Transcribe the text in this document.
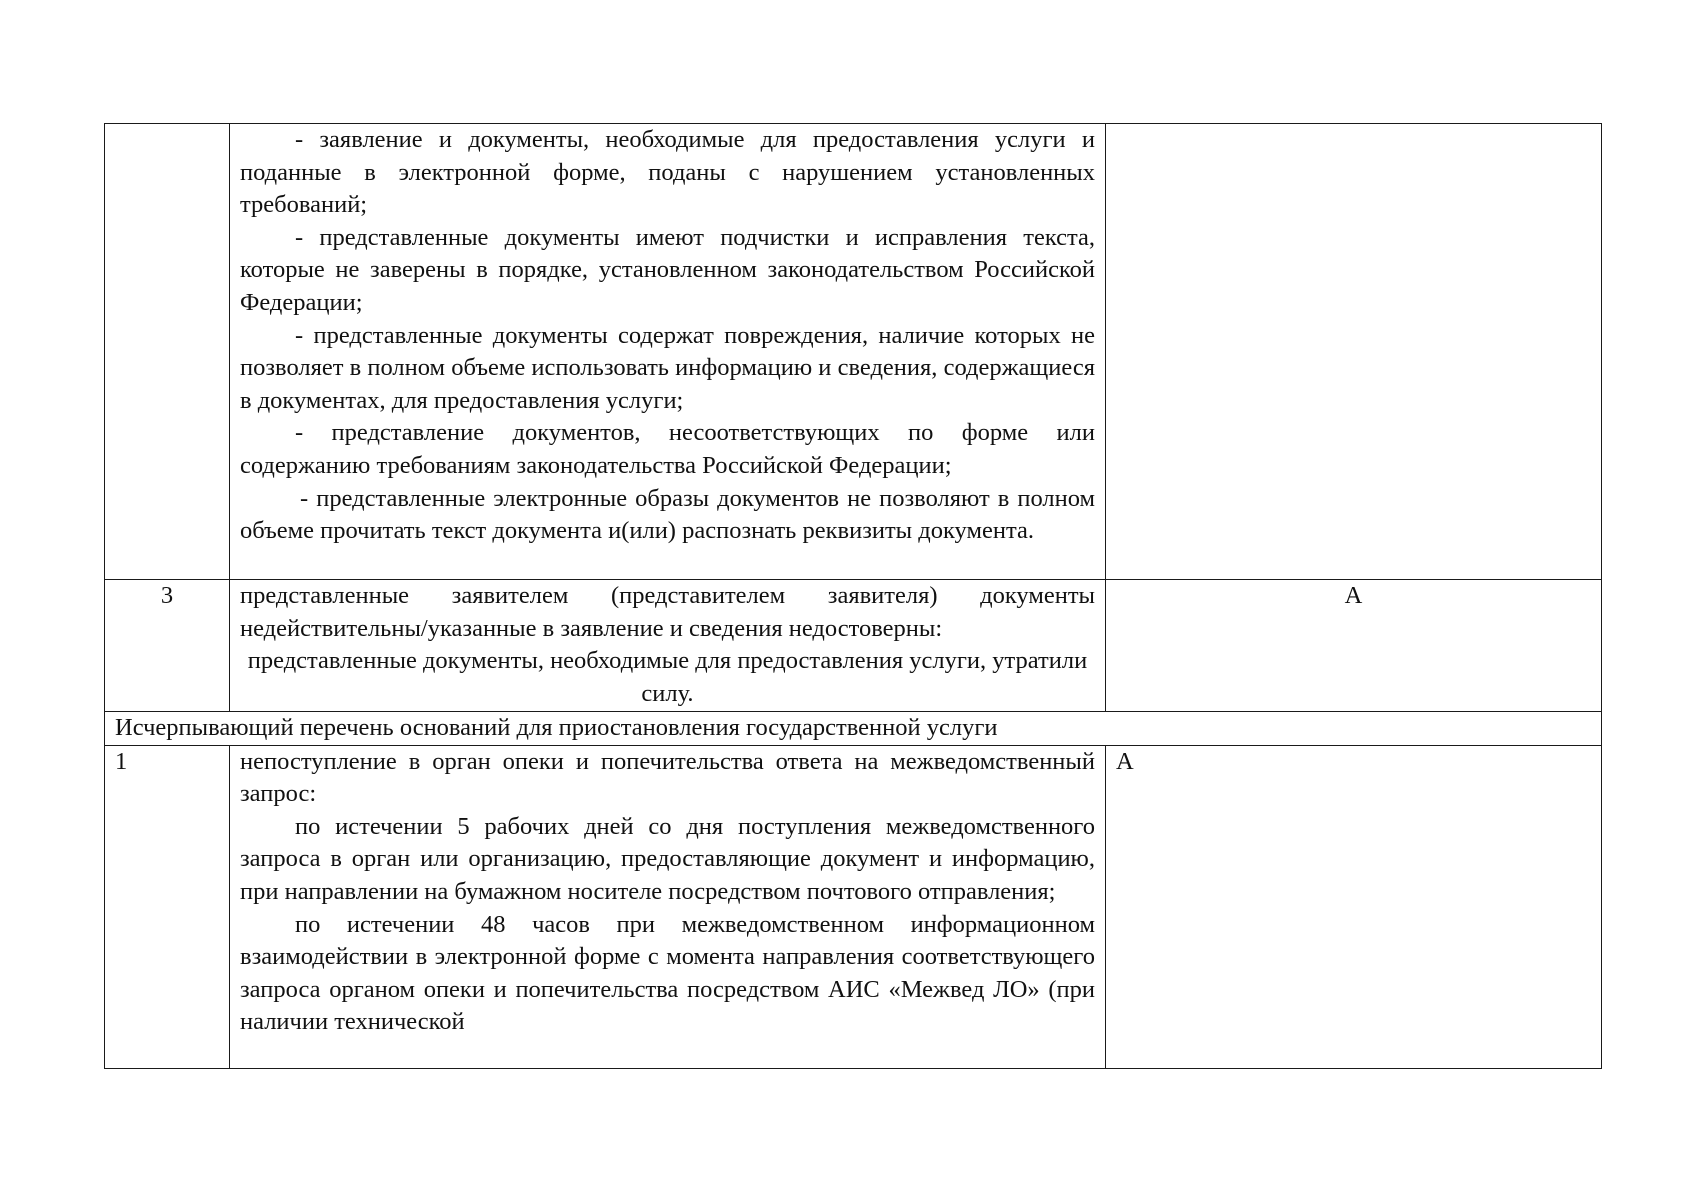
	- заявление и документы, необходимые для предоставления услуги и поданные в электронной форме, поданы с нарушением установленных требований;

- представленные документы имеют подчистки и исправления текста, которые не заверены в порядке, установленном законодательством Российской Федерации;

- представленные документы содержат повреждения, наличие которых не позволяет в полном объеме использовать информацию и сведения, содержащиеся в документах, для предоставления услуги;

- представление документов, несоответствующих по форме или содержанию требованиям законодательства Российской Федерации;

- представленные электронные образы документов не позволяют в полном объеме прочитать текст документа и(или) распознать реквизиты документа.	

3	представленные заявителем (представителем заявителя) документы недействительны/указанные в заявление и сведения недостоверны:

представленные документы, необходимые для предоставления услуги, утратили силу.	А
Исчерпывающий перечень оснований для приостановления государственной услуги		
1	непоступление в орган опеки и попечительства ответа на межведомственный запрос:

по истечении 5 рабочих дней со дня поступления межведомственного запроса в орган или организацию, предоставляющие документ и информацию, при направлении на бумажном носителе посредством почтового отправления;

по истечении 48 часов при межведомственном информационном взаимодействии в электронной форме с момента направления соответствующего запроса органом опеки и попечительства посредством АИС «Межвед ЛО» (при наличии технической	А
